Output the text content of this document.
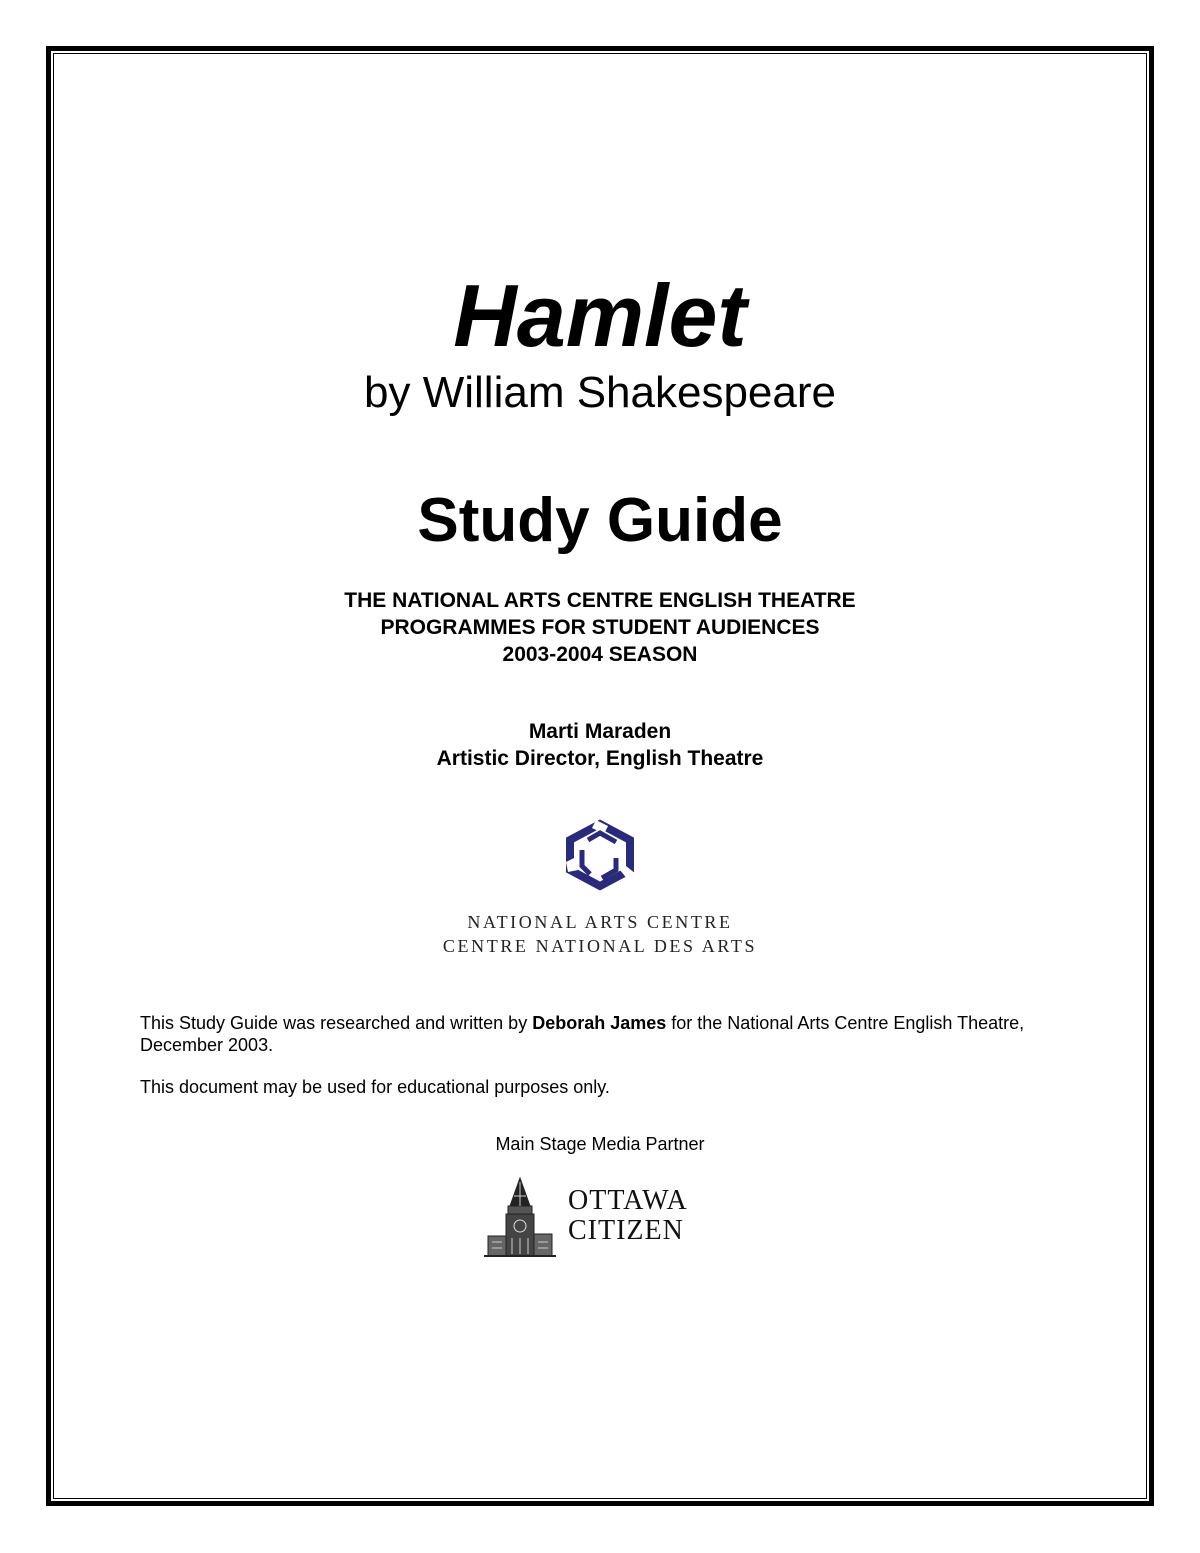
Hamlet
by William Shakespeare
Study Guide
THE NATIONAL ARTS CENTRE ENGLISH THEATRE
PROGRAMMES FOR STUDENT AUDIENCES
2003-2004 SEASON
Marti Maraden
Artistic Director, English Theatre
NATIONAL ARTS CENTRE
CENTRE NATIONAL DES ARTS
This Study Guide was researched and written by Deborah James for the National Arts Centre English Theatre, December 2003.
This document may be used for educational purposes only.
Main Stage Media Partner
OTTAWA
CITIZEN
